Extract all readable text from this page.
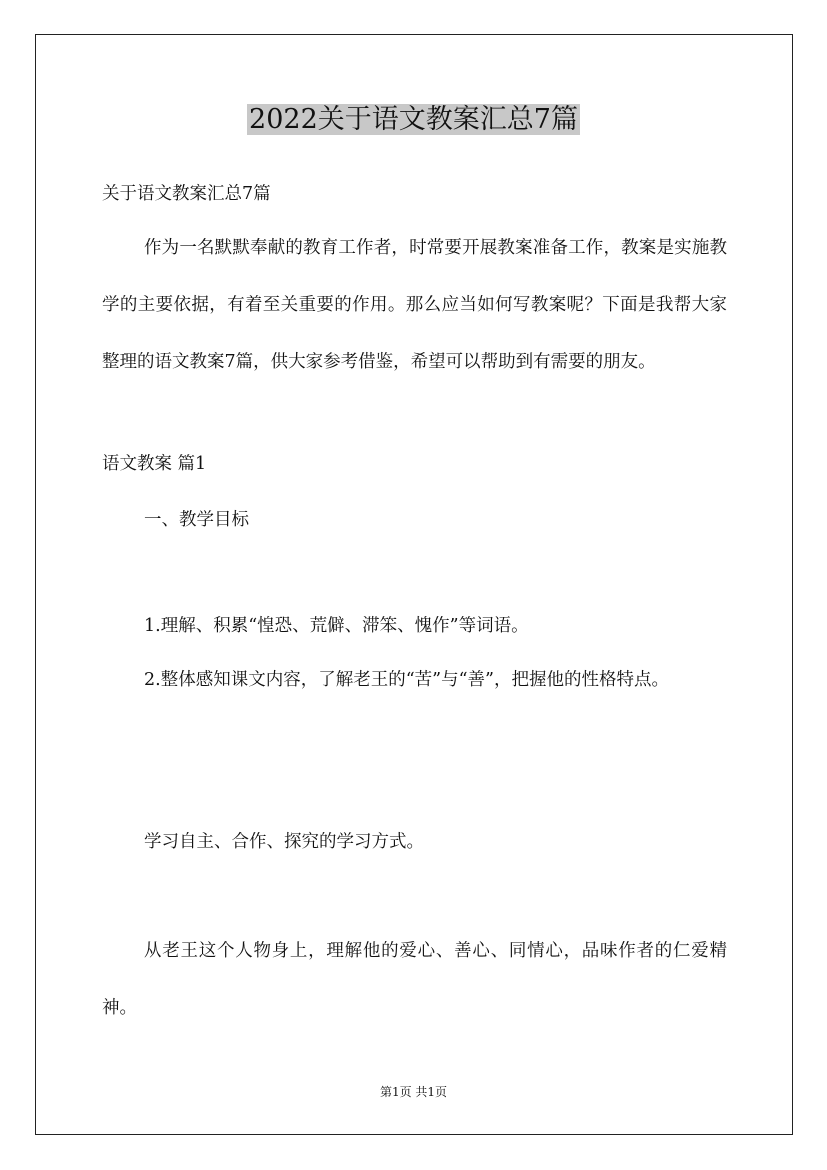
2022关于语文教案汇总7篇
关于语文教案汇总7篇
作为一名默默奉献的教育工作者，时常要开展教案准备工作，教案是实施教学的主要依据，有着至关重要的作用。那么应当如何写教案呢？下面是我帮大家整理的语文教案7篇，供大家参考借鉴，希望可以帮助到有需要的朋友。
语文教案 篇1
一、教学目标
1.理解、积累“惶恐、荒僻、滞笨、愧作”等词语。
2.整体感知课文内容，了解老王的“苦”与“善”，把握他的性格特点。
学习自主、合作、探究的学习方式。
从老王这个人物身上，理解他的爱心、善心、同情心，品味作者的仁爱精神。
第1页 共1页
